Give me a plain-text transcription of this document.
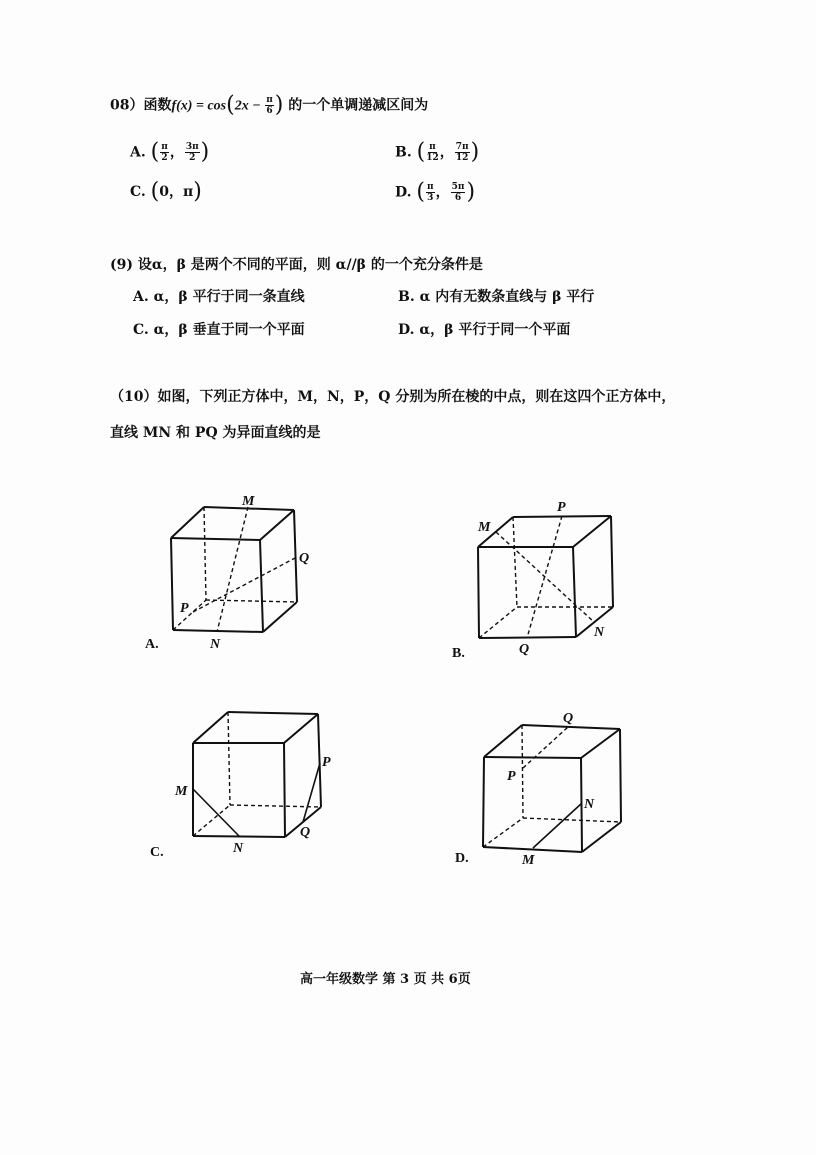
08）函数$f(x) = \cos(2x - \frac{\pi}{6}$ ) 的一个单调递减区间为
A. ( $\frac{\pi}{2}$ ， $\frac{3\pi}{2}$ )	B. ( $\frac{\pi}{12}$ ， $\frac{7\pi}{12}$ )
C. (0，π)	D. ( $\frac{\pi}{3}$ ， $\frac{5\pi}{6}$ )
(9) 设α，β 是两个不同的平面，则 α//β 的一个充分条件是
A. α，β 平行于同一条直线	B. α 内有无数条直线与 β 平行
C. α，β 垂直于同一个平面	D. α，β 平行于同一个平面
（10）如图，下列正方体中，M，N，P，Q 分别为所在棱的中点，则在这四个正方体中，
直线 MN 和 PQ 为异面直线的是
M
N
P
Q
A.
M
N
P
Q
B.
M
N
P
Q
C.
M
N
P
Q
D.
高一年级数学 第 3 页 共 6页
